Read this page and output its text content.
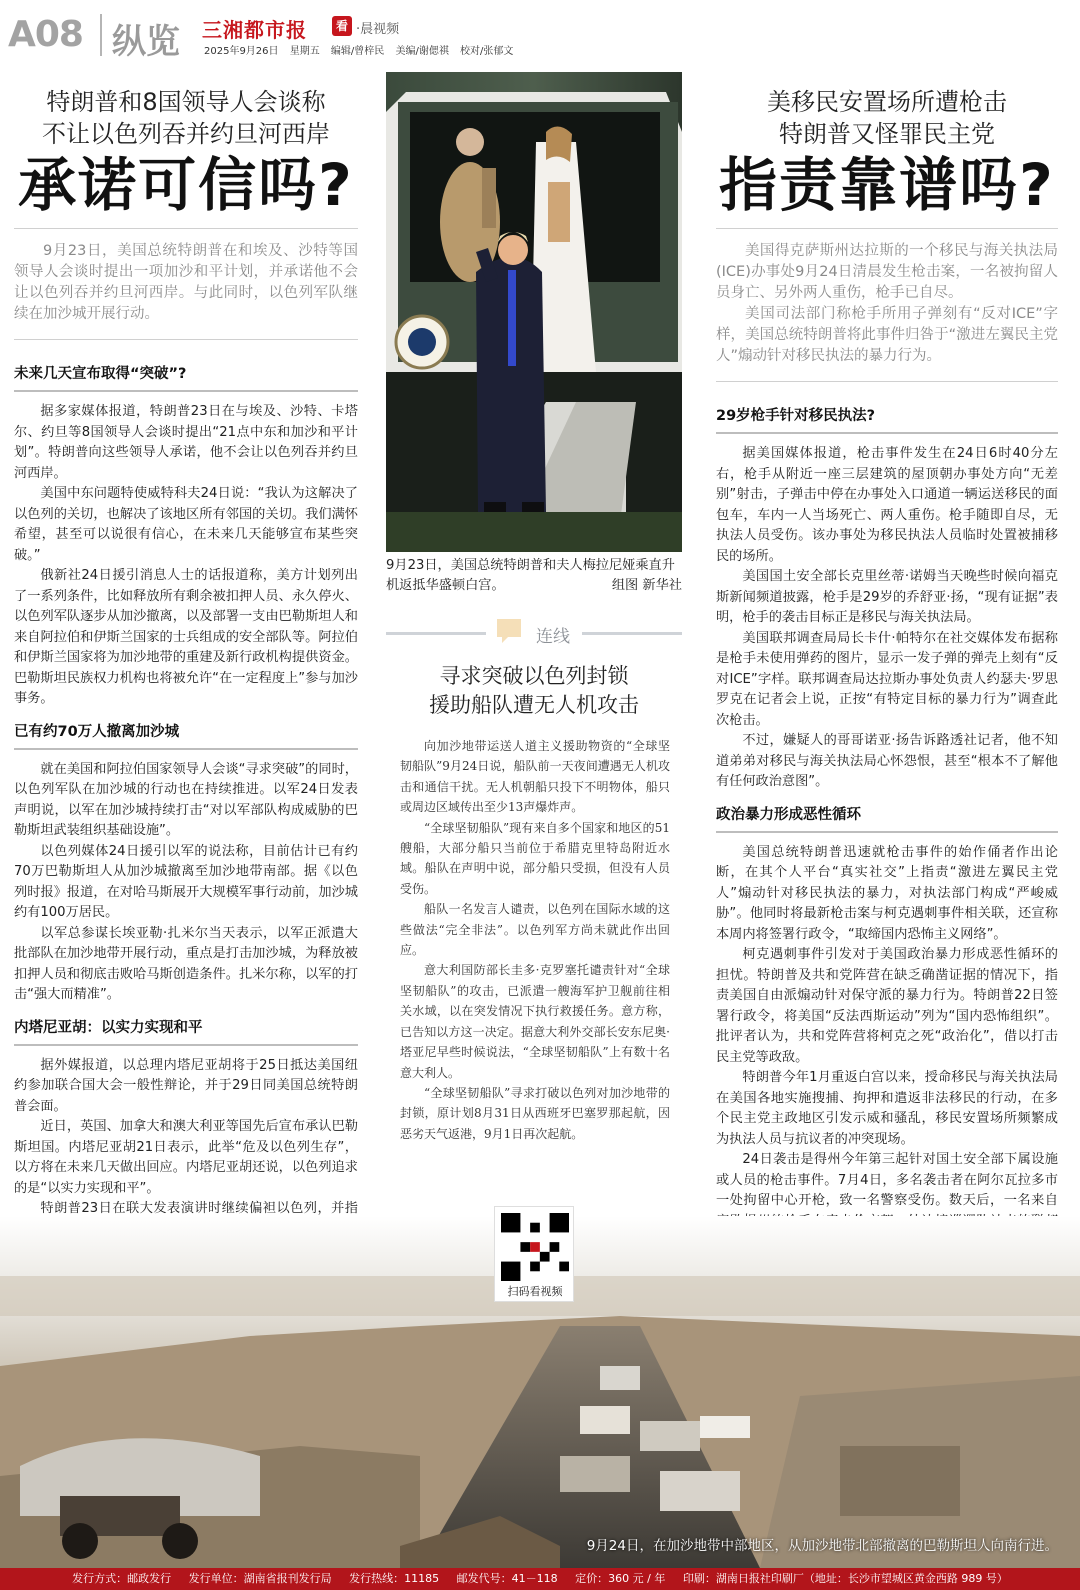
A08 纵览 三湘都市报	看 ·晨视频
2025年9月26日 星期五 编辑/曾梓民 美编/谢偲祺 校对/张郁文
特朗普和8国领导人会谈称
不让以色列吞并约旦河西岸
承诺可信吗?

9月23日，美国总统特朗普在和埃及、沙特等国领导人会谈时提出一项加沙和平计划，并承诺他不会让以色列吞并约旦河西岸。与此同时，以色列军队继续在加沙城开展行动。

未来几天宣布取得“突破”?

据多家媒体报道，特朗普23日在与埃及、沙特、卡塔尔、约旦等8国领导人会谈时提出“21点中东和加沙和平计划”。特朗普向这些领导人承诺，他不会让以色列吞并约旦河西岸。

美国中东问题特使威特科夫24日说：“我认为这解决了以色列的关切，也解决了该地区所有邻国的关切。我们满怀希望，甚至可以说很有信心，在未来几天能够宣布某些突破。”

俄新社24日援引消息人士的话报道称，美方计划列出了一系列条件，比如释放所有剩余被扣押人员、永久停火、以色列军队逐步从加沙撤离，以及部署一支由巴勒斯坦人和来自阿拉伯和伊斯兰国家的士兵组成的安全部队等。阿拉伯和伊斯兰国家将为加沙地带的重建及新行政机构提供资金。巴勒斯坦民族权力机构也将被允许“在一定程度上”参与加沙事务。

已有约70万人撤离加沙城

就在美国和阿拉伯国家领导人会谈“寻求突破”的同时，以色列军队在加沙城的行动也在持续推进。以军24日发表声明说，以军在加沙城持续打击“对以军部队构成威胁的巴勒斯坦武装组织基础设施”。

以色列媒体24日援引以军的说法称，目前估计已有约70万巴勒斯坦人从加沙城撤离至加沙地带南部。据《以色列时报》报道，在对哈马斯展开大规模军事行动前，加沙城约有100万居民。

以军总参谋长埃亚勒·扎米尔当天表示，以军正派遣大批部队在加沙地带开展行动，重点是打击加沙城，为释放被扣押人员和彻底击败哈马斯创造条件。扎米尔称，以军的打击“强大而精准”。

内塔尼亚胡：以实力实现和平

据外媒报道，以总理内塔尼亚胡将于25日抵达美国纽约参加联合国大会一般性辩论，并于29日同美国总统特朗普会面。

近日，英国、加拿大和澳大利亚等国先后宣布承认巴勒斯坦国。内塔尼亚胡21日表示，此举“危及以色列生存”，以方将在未来几天做出回应。内塔尼亚胡还说，以色列追求的是“以实力实现和平”。

特朗普23日在联大发表演讲时继续偏袒以色列，并指

9月23日，美国总统特朗普和夫人梅拉尼娅乘直升机返抵华盛顿白宫。	组图 新华社
连线
寻求突破以色列封锁
援助船队遭无人机攻击

向加沙地带运送人道主义援助物资的“全球坚韧船队”9月24日说，船队前一天夜间遭遇无人机攻击和通信干扰。无人机朝船只投下不明物体，船只或周边区域传出至少13声爆炸声。

“全球坚韧船队”现有来自多个国家和地区的51艘船，大部分船只当前位于希腊克里特岛附近水域。船队在声明中说，部分船只受损，但没有人员受伤。

船队一名发言人谴责，以色列在国际水域的这些做法“完全非法”。以色列军方尚未就此作出回应。

意大利国防部长圭多·克罗塞托谴责针对“全球坚韧船队”的攻击，已派遣一艘海军护卫舰前往相关水域，以在突发情况下执行救援任务。意方称，已告知以方这一决定。据意大利外交部长安东尼奥·塔亚尼早些时候说法，“全球坚韧船队”上有数十名意大利人。

“全球坚韧船队”寻求打破以色列对加沙地带的封锁，原计划8月31日从西班牙巴塞罗那起航，因恶劣天气返港，9月1日再次起航。

美移民安置场所遭枪击
特朗普又怪罪民主党
指责靠谱吗?

美国得克萨斯州达拉斯的一个移民与海关执法局(ICE)办事处9月24日清晨发生枪击案，一名被拘留人员身亡、另外两人重伤，枪手已自尽。

美国司法部门称枪手所用子弹刻有“反对ICE”字样，美国总统特朗普将此事件归咎于“激进左翼民主党人”煽动针对移民执法的暴力行为。

29岁枪手针对移民执法?

据美国媒体报道，枪击事件发生在24日6时40分左右，枪手从附近一座三层建筑的屋顶朝办事处方向“无差别”射击，子弹击中停在办事处入口通道一辆运送移民的面包车，车内一人当场死亡、两人重伤。枪手随即自尽，无执法人员受伤。该办事处为移民执法人员临时处置被捕移民的场所。

美国国土安全部长克里丝蒂·诺姆当天晚些时候向福克斯新闻频道披露，枪手是29岁的乔舒亚·扬，“现有证据”表明，枪手的袭击目标正是移民与海关执法局。

美国联邦调查局局长卡什·帕特尔在社交媒体发布据称是枪手未使用弹药的图片，显示一发子弹的弹壳上刻有“反对ICE”字样。联邦调查局达拉斯办事处负责人约瑟夫·罗思罗克在记者会上说，正按“有特定目标的暴力行为”调查此次枪击。

不过，嫌疑人的哥哥诺亚·扬告诉路透社记者，他不知道弟弟对移民与海关执法局心怀怨恨，甚至“根本不了解他有任何政治意图”。

政治暴力形成恶性循环

美国总统特朗普迅速就枪击事件的始作俑者作出论断，在其个人平台“真实社交”上指责“激进左翼民主党人”煽动针对移民执法的暴力，对执法部门构成“严峻威胁”。他同时将最新枪击案与柯克遇刺事件相关联，还宣称本周内将签署行政令，“取缔国内恐怖主义网络”。

柯克遇刺事件引发对于美国政治暴力形成恶性循环的担忧。特朗普及共和党阵营在缺乏确凿证据的情况下，指责美国自由派煽动针对保守派的暴力行为。特朗普22日签署行政令，将美国“反法西斯运动”列为“国内恐怖组织”。批评者认为，共和党阵营将柯克之死“政治化”，借以打击民主党等政敌。

特朗普今年1月重返白宫以来，授命移民与海关执法局在美国各地实施搜捕、拘押和遣返非法移民的行动，在多个民主党主政地区引发示威和骚乱，移民安置场所频繁成为执法人员与抗议者的冲突现场。

24日袭击是得州今年第三起针对国土安全部下属设施或人员的枪击事件。7月4日，多名袭击者在阿尔瓦拉多市一处拘留中心开枪，致一名警察受伤。数天后，一名来自

扫码看视频
9月24日，在加沙地带中部地区，从加沙地带北部撤离的巴勒斯坦人向南行进。
发行方式：邮政发行 发行单位：湖南省报刊发行局 发行热线：11185 邮发代号：41－118 定价：360 元 / 年 印刷：湖南日报社印刷厂（地址：长沙市望城区黄金西路 989 号）
